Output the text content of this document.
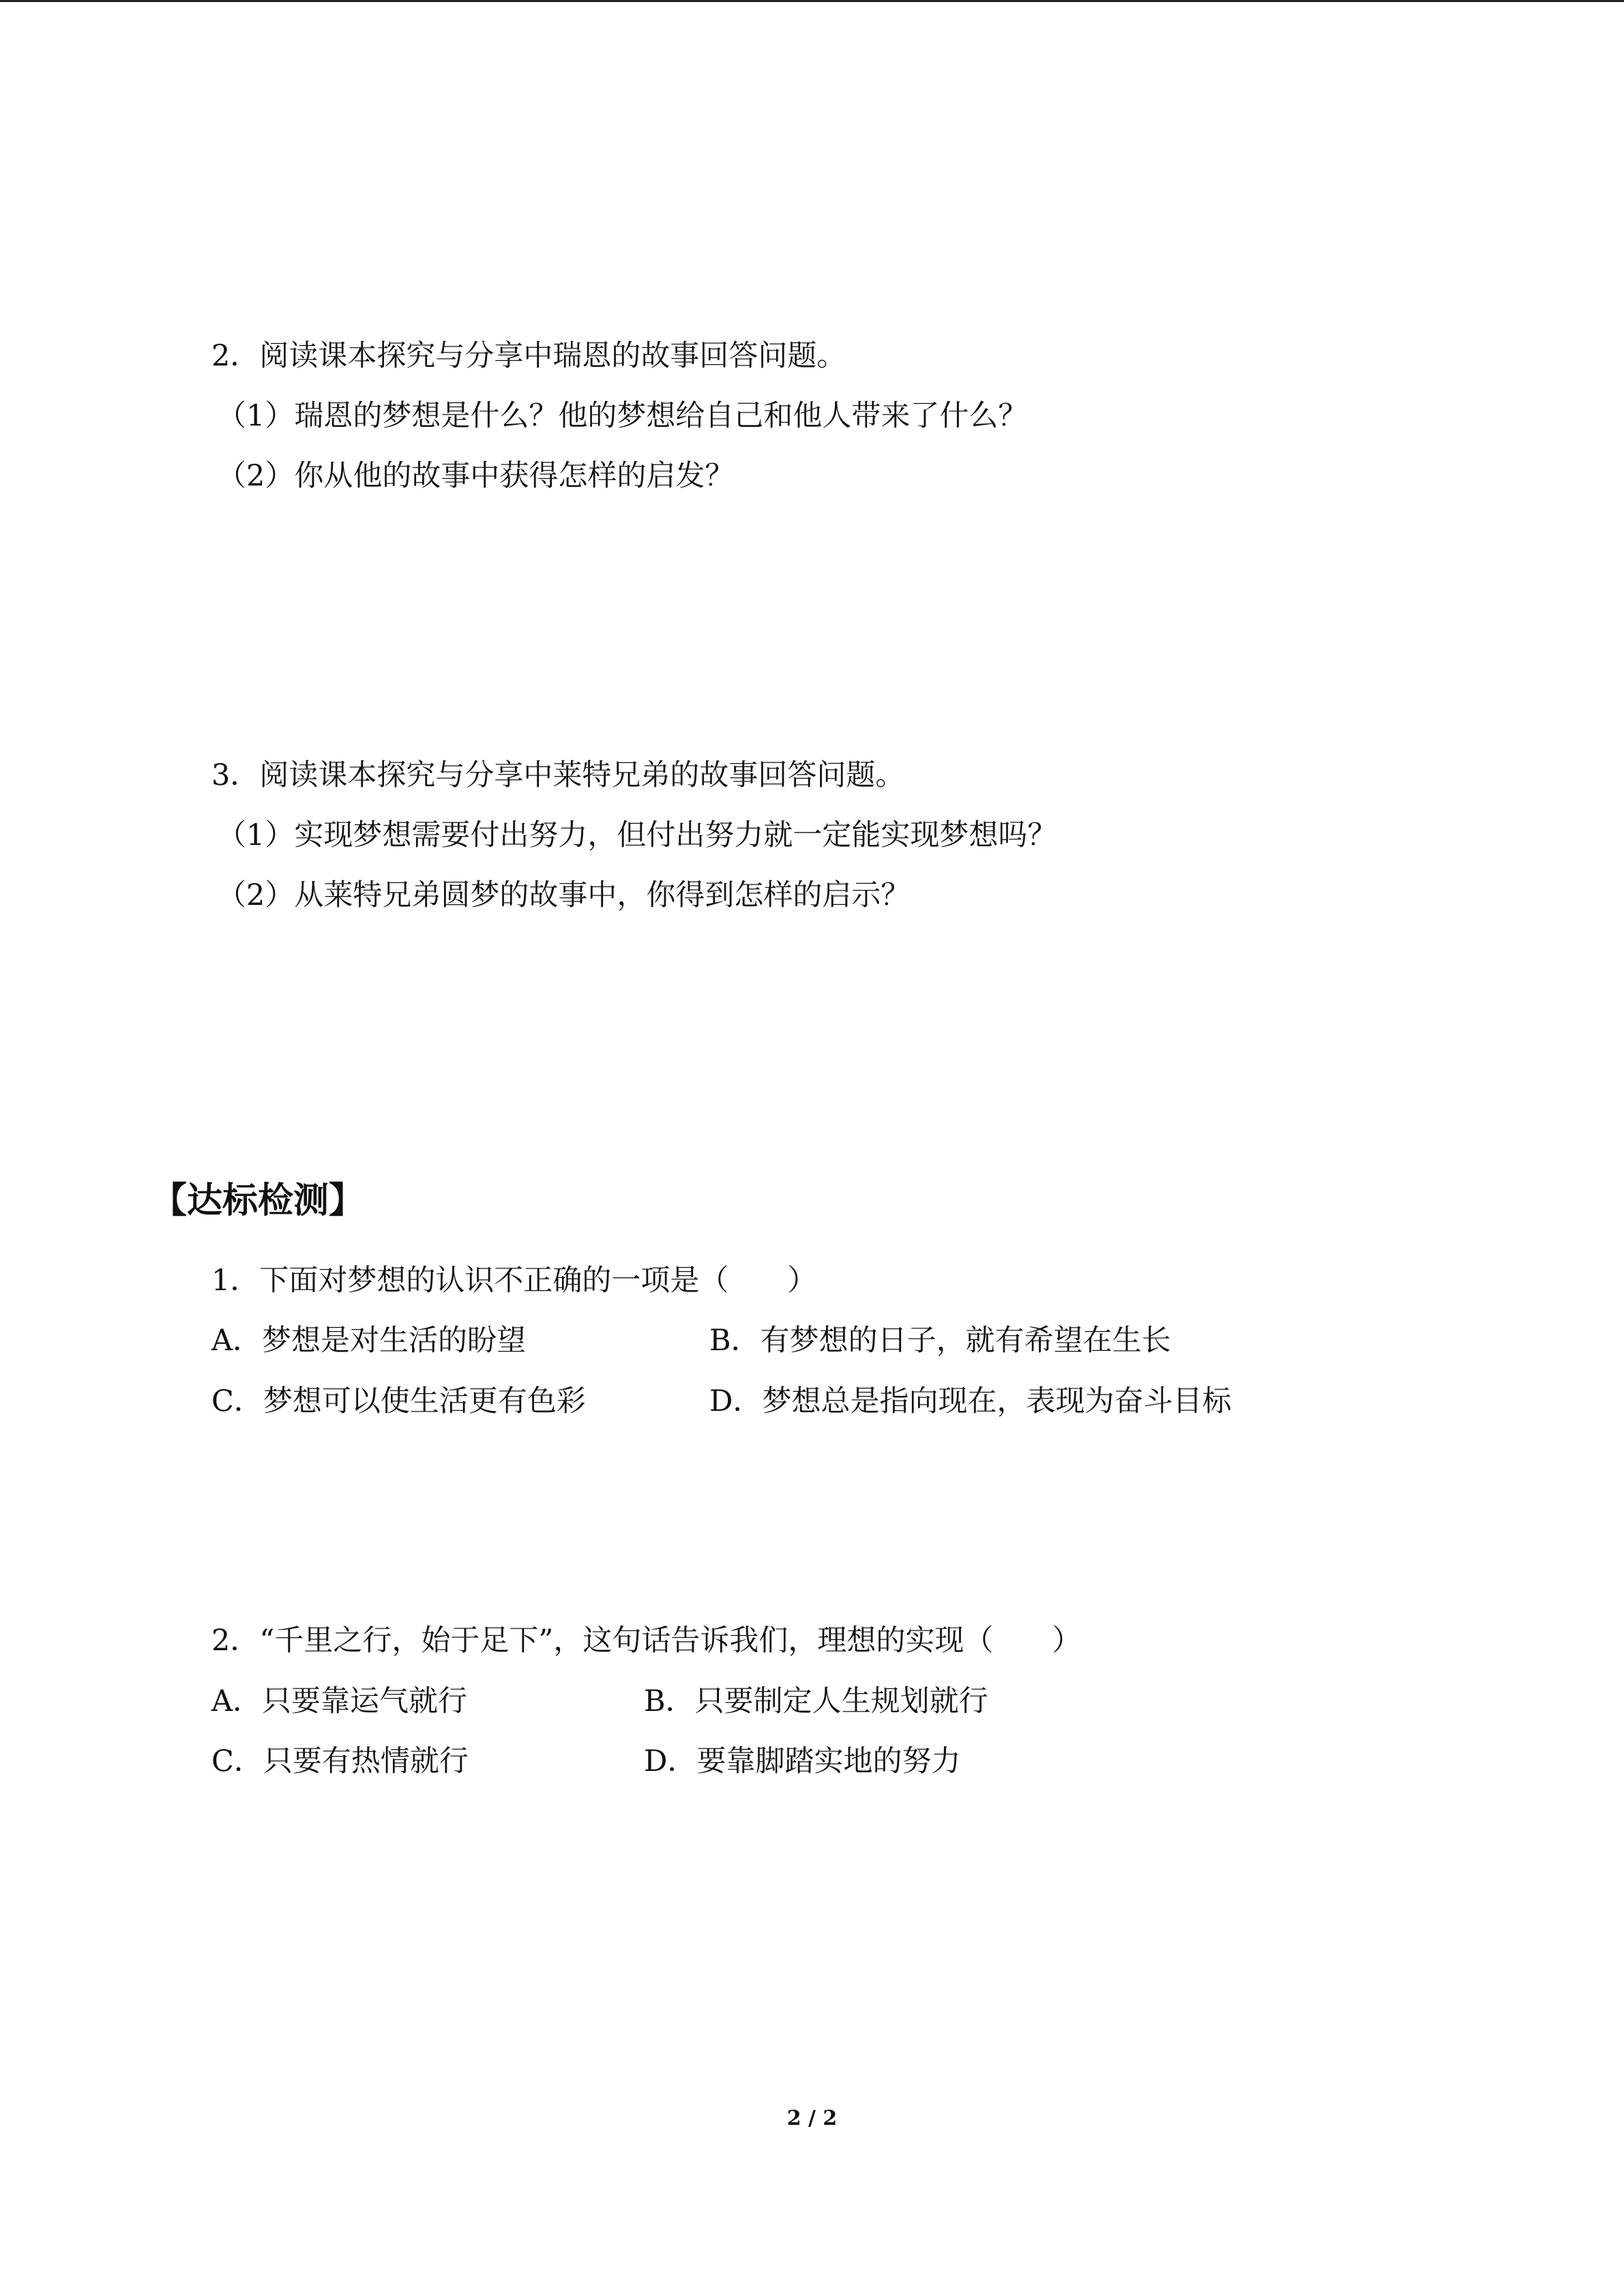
2．阅读课本探究与分享中瑞恩的故事回答问题。
（1）瑞恩的梦想是什么？他的梦想给自己和他人带来了什么？
（2）你从他的故事中获得怎样的启发？
3．阅读课本探究与分享中莱特兄弟的故事回答问题。
（1）实现梦想需要付出努力，但付出努力就一定能实现梦想吗？
（2）从莱特兄弟圆梦的故事中，你得到怎样的启示？
【达标检测】
1．下面对梦想的认识不正确的一项是（　　）
A．梦想是对生活的盼望	B．有梦想的日子，就有希望在生长
C．梦想可以使生活更有色彩	D．梦想总是指向现在，表现为奋斗目标
2．“千里之行，始于足下”，这句话告诉我们，理想的实现（　　）
A．只要靠运气就行	B．只要制定人生规划就行
C．只要有热情就行	D．要靠脚踏实地的努力
2 / 2
